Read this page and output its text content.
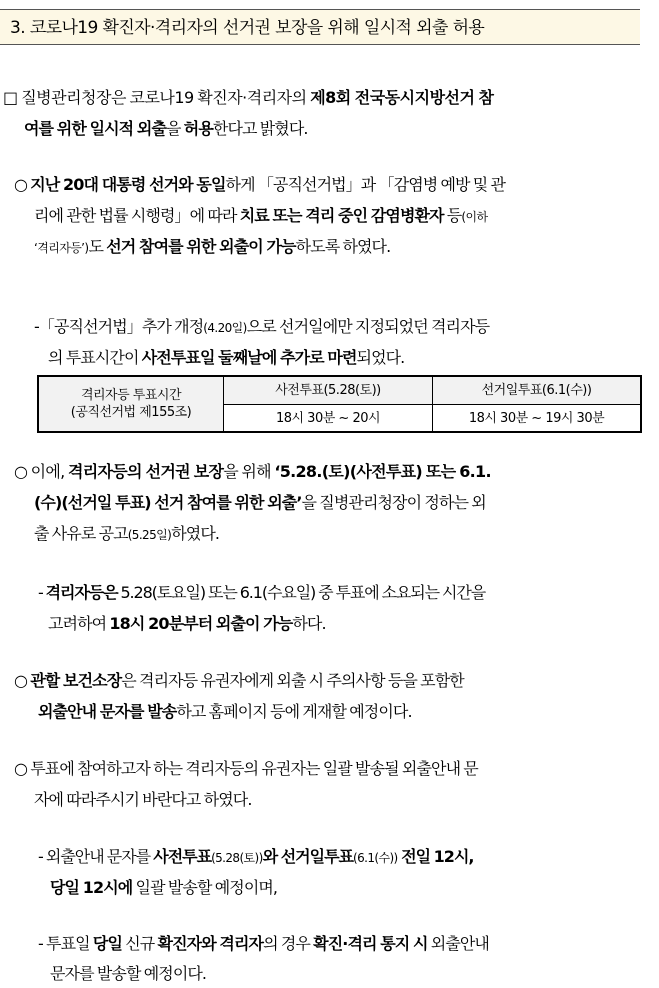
3. 코로나19 확진자·격리자의 선거권 보장을 위해 일시적 외출 허용
□ 질병관리청장은 코로나19 확진자·격리자의 제8회 전국동시지방선거 참
여를 위한 일시적 외출을 허용한다고 밝혔다.
○ 지난 20대 대통령 선거와 동일하게 「공직선거법」과 「감염병 예방 및 관
리에 관한 법률 시행령」에 따라 치료 또는 격리 중인 감염병환자 등(이하
‘격리자등’)도 선거 참여를 위한 외출이 가능하도록 하였다.
-「공직선거법」추가 개정(4.20일)으로 선거일에만 지정되었던 격리자등
의 투표시간이 사전투표일 둘째날에 추가로 마련되었다.
격리자등 투표시간
(공직선거법 제155조)
사전투표(5.28(토))	선거일투표(6.1(수))
18시 30분 ~ 20시	18시 30분 ~ 19시 30분
○ 이에, 격리자등의 선거권 보장을 위해 ‘5.28.(토)(사전투표) 또는 6.1.
(수)(선거일 투표) 선거 참여를 위한 외출’을 질병관리청장이 정하는 외
출 사유로 공고(5.25일)하였다.
- 격리자등은 5.28(토요일) 또는 6.1(수요일) 중 투표에 소요되는 시간을
고려하여 18시 20분부터 외출이 가능하다.
○ 관할 보건소장은 격리자등 유권자에게 외출 시 주의사항 등을 포함한
외출안내 문자를 발송하고 홈페이지 등에 게재할 예정이다.
○ 투표에 참여하고자 하는 격리자등의 유권자는 일괄 발송될 외출안내 문
자에 따라주시기 바란다고 하였다.
- 외출안내 문자를 사전투표(5.28(토))와 선거일투표(6.1(수)) 전일 12시,
당일 12시에 일괄 발송할 예정이며,
- 투표일 당일 신규 확진자와 격리자의 경우 확진·격리 통지 시 외출안내
문자를 발송할 예정이다.
